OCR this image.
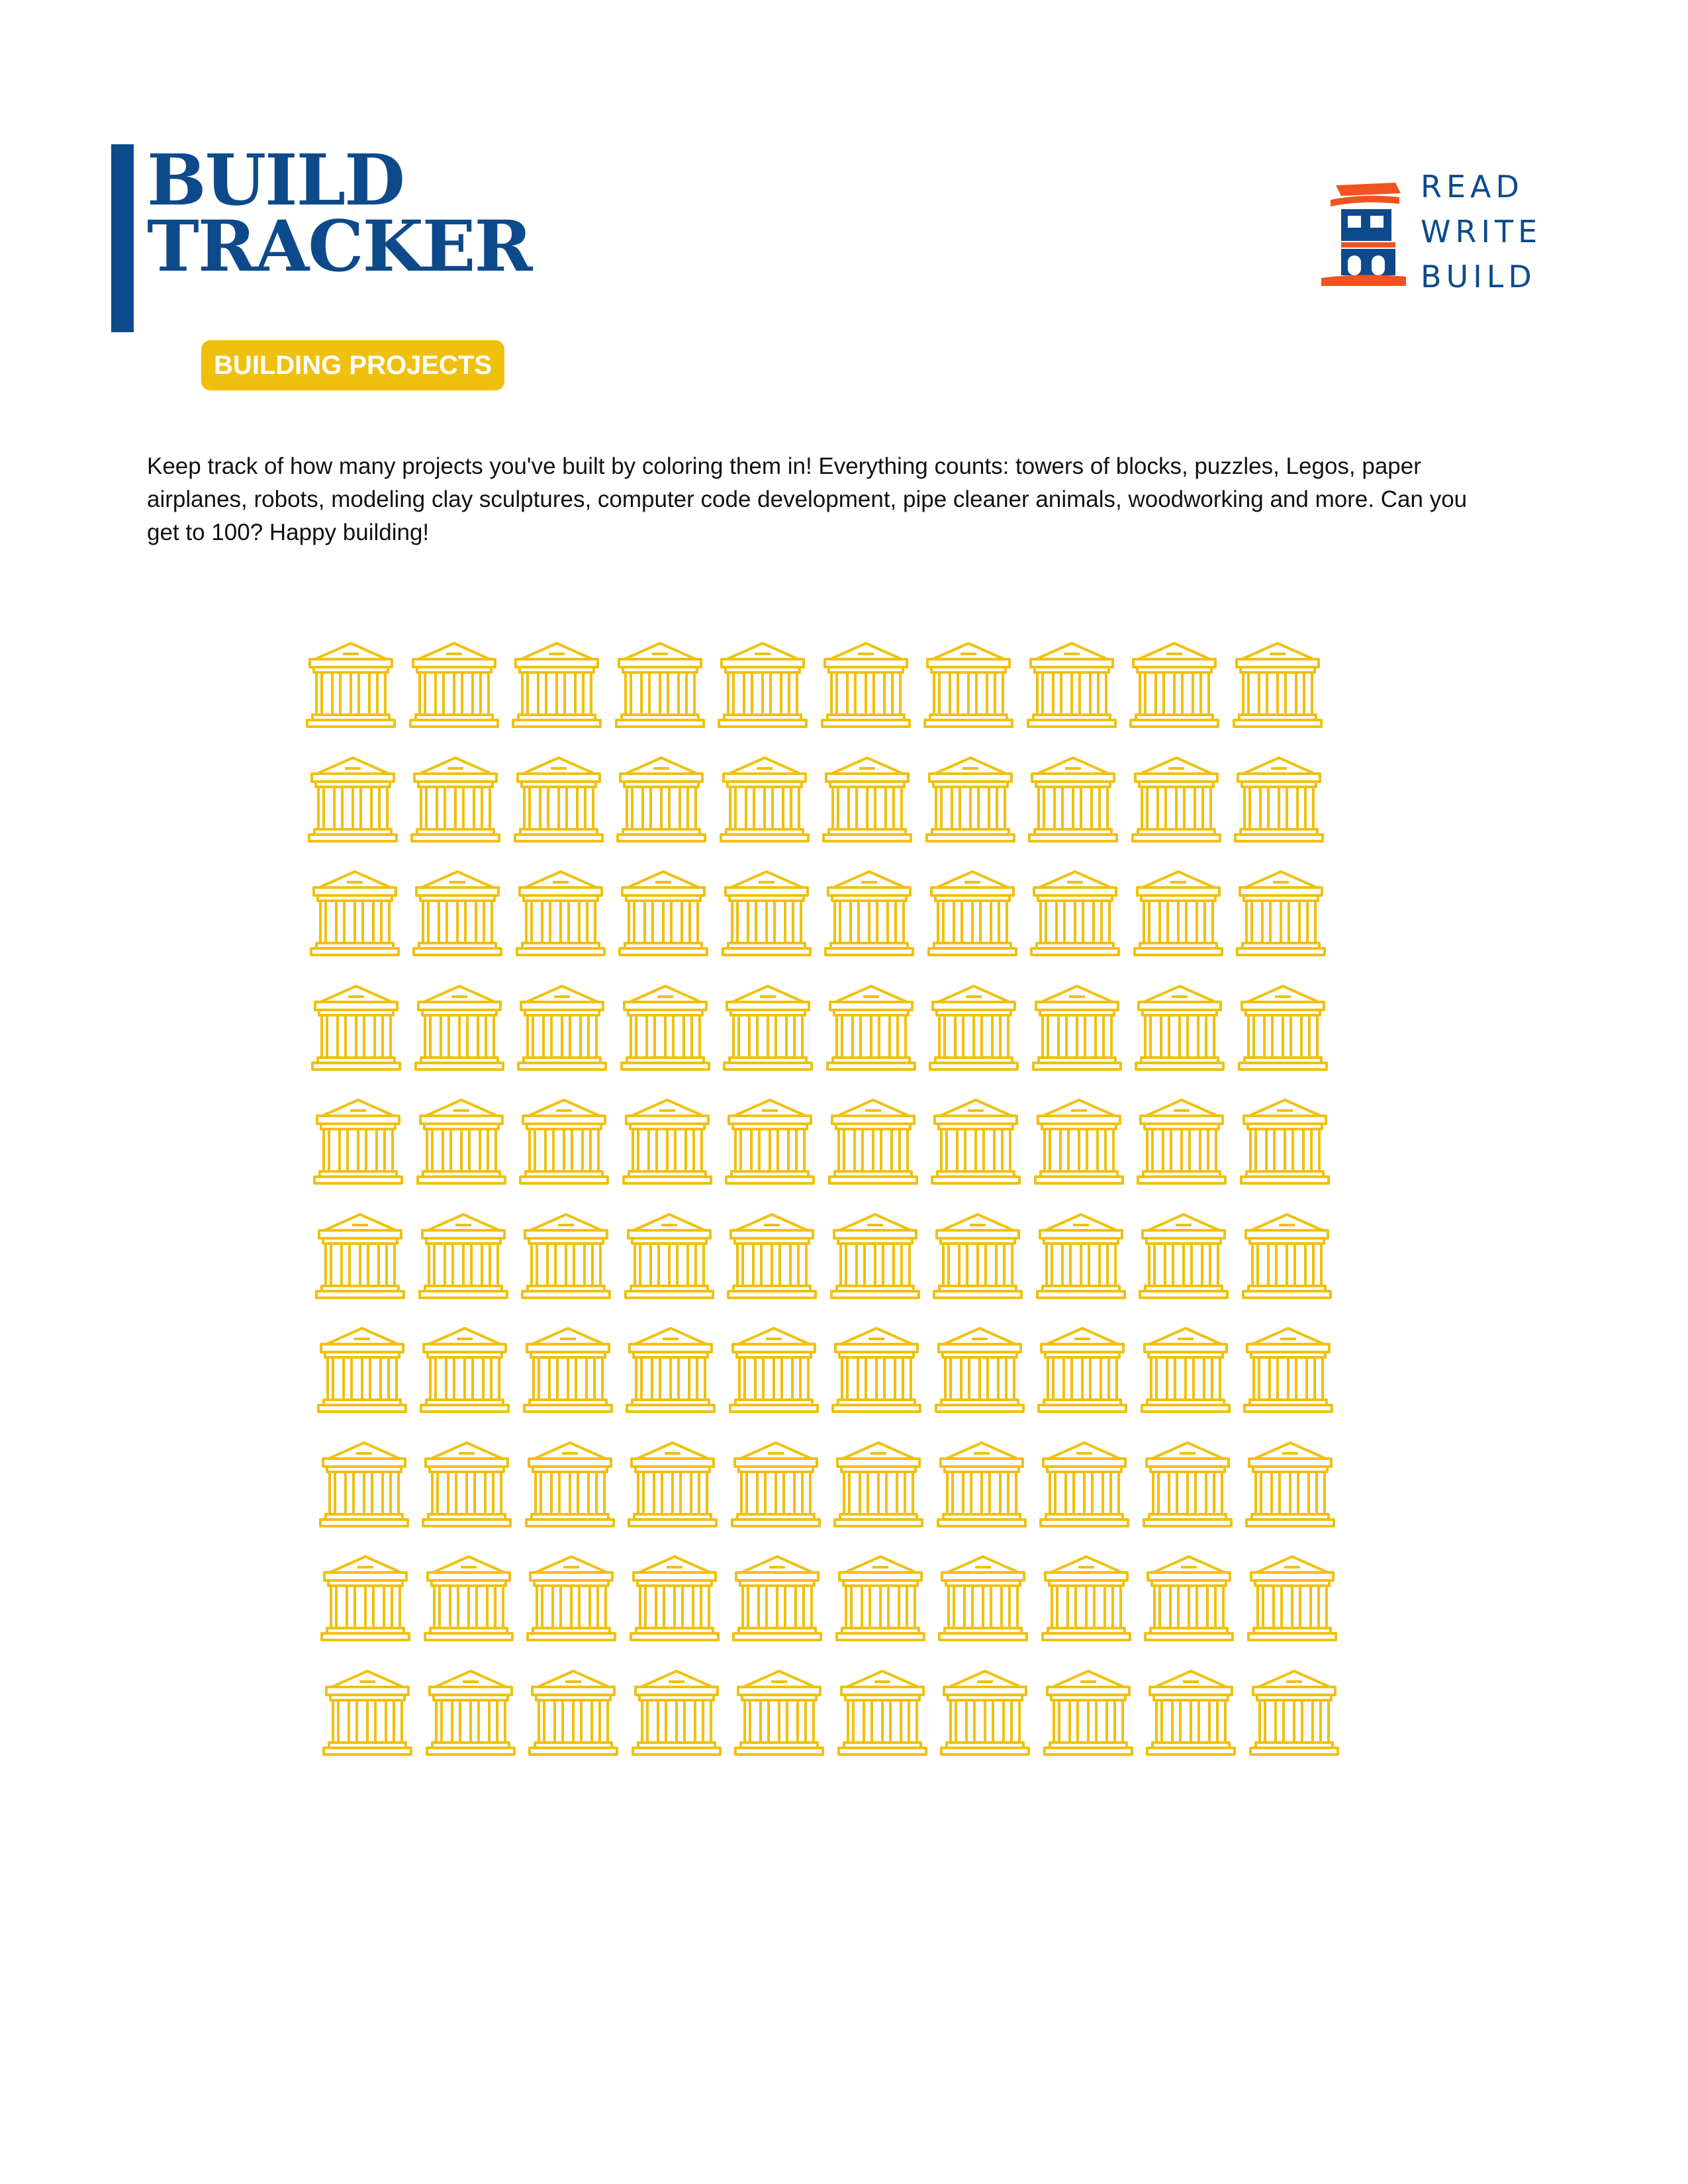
BUILD
TRACKER
BUILDING PROJECTS
READ
WRITE
BUILD

Keep track of how many projects you've built by coloring them in! Everything counts: towers of blocks, puzzles, Legos, paper airplanes, robots, modeling clay sculptures, computer code development, pipe cleaner animals, woodworking and more. Can you get to 100? Happy building!
